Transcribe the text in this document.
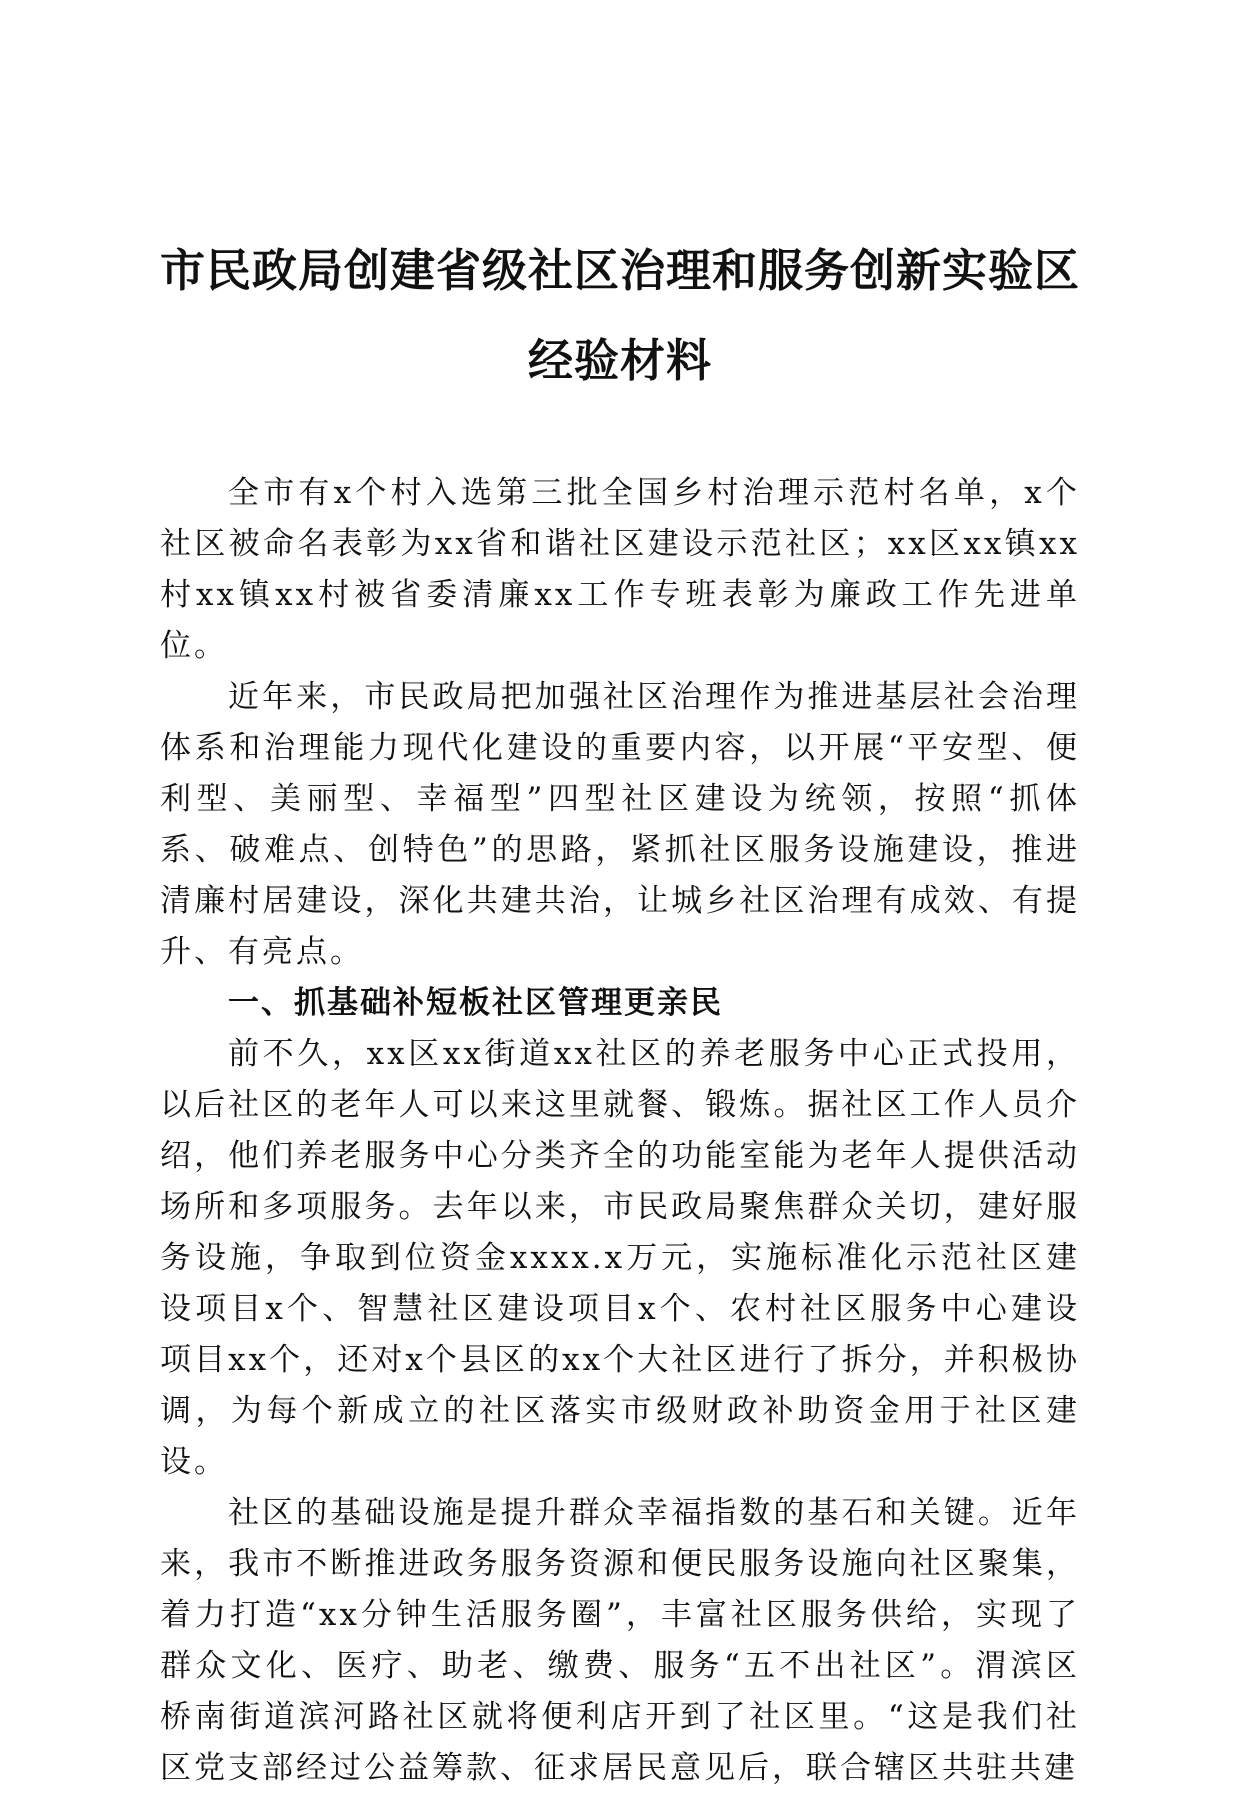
市民政局创建省级社区治理和服务创新实验区
经验材料

全市有x个村入选第三批全国乡村治理示范村名单，x个社区被命名表彰为xx省和谐社区建设示范社区；xx区xx镇xx村xx镇xx村被省委清廉xx工作专班表彰为廉政工作先进单位。

近年来，市民政局把加强社区治理作为推进基层社会治理体系和治理能力现代化建设的重要内容，以开展“平安型、便利型、美丽型、幸福型”四型社区建设为统领，按照“抓体系、破难点、创特色”的思路，紧抓社区服务设施建设，推进清廉村居建设，深化共建共治，让城乡社区治理有成效、有提升、有亮点。

一、抓基础补短板社区管理更亲民

前不久，xx区xx街道xx社区的养老服务中心正式投用，以后社区的老年人可以来这里就餐、锻炼。据社区工作人员介绍，他们养老服务中心分类齐全的功能室能为老年人提供活动场所和多项服务。去年以来，市民政局聚焦群众关切，建好服务设施，争取到位资金xxxx.x万元，实施标准化示范社区建设项目x个、智慧社区建设项目x个、农村社区服务中心建设项目xx个，还对x个县区的xx个大社区进行了拆分，并积极协调，为每个新成立的社区落实市级财政补助资金用于社区建设。

社区的基础设施是提升群众幸福指数的基石和关键。近年来，我市不断推进政务服务资源和便民服务设施向社区聚集，着力打造“xx分钟生活服务圈”，丰富社区服务供给，实现了群众文化、医疗、助老、缴费、服务“五不出社区”。渭滨区桥南街道滨河路社区就将便利店开到了社区里。“这是我们社区党支部经过公益筹款、征求居民意见后，联合辖区共驻共建
